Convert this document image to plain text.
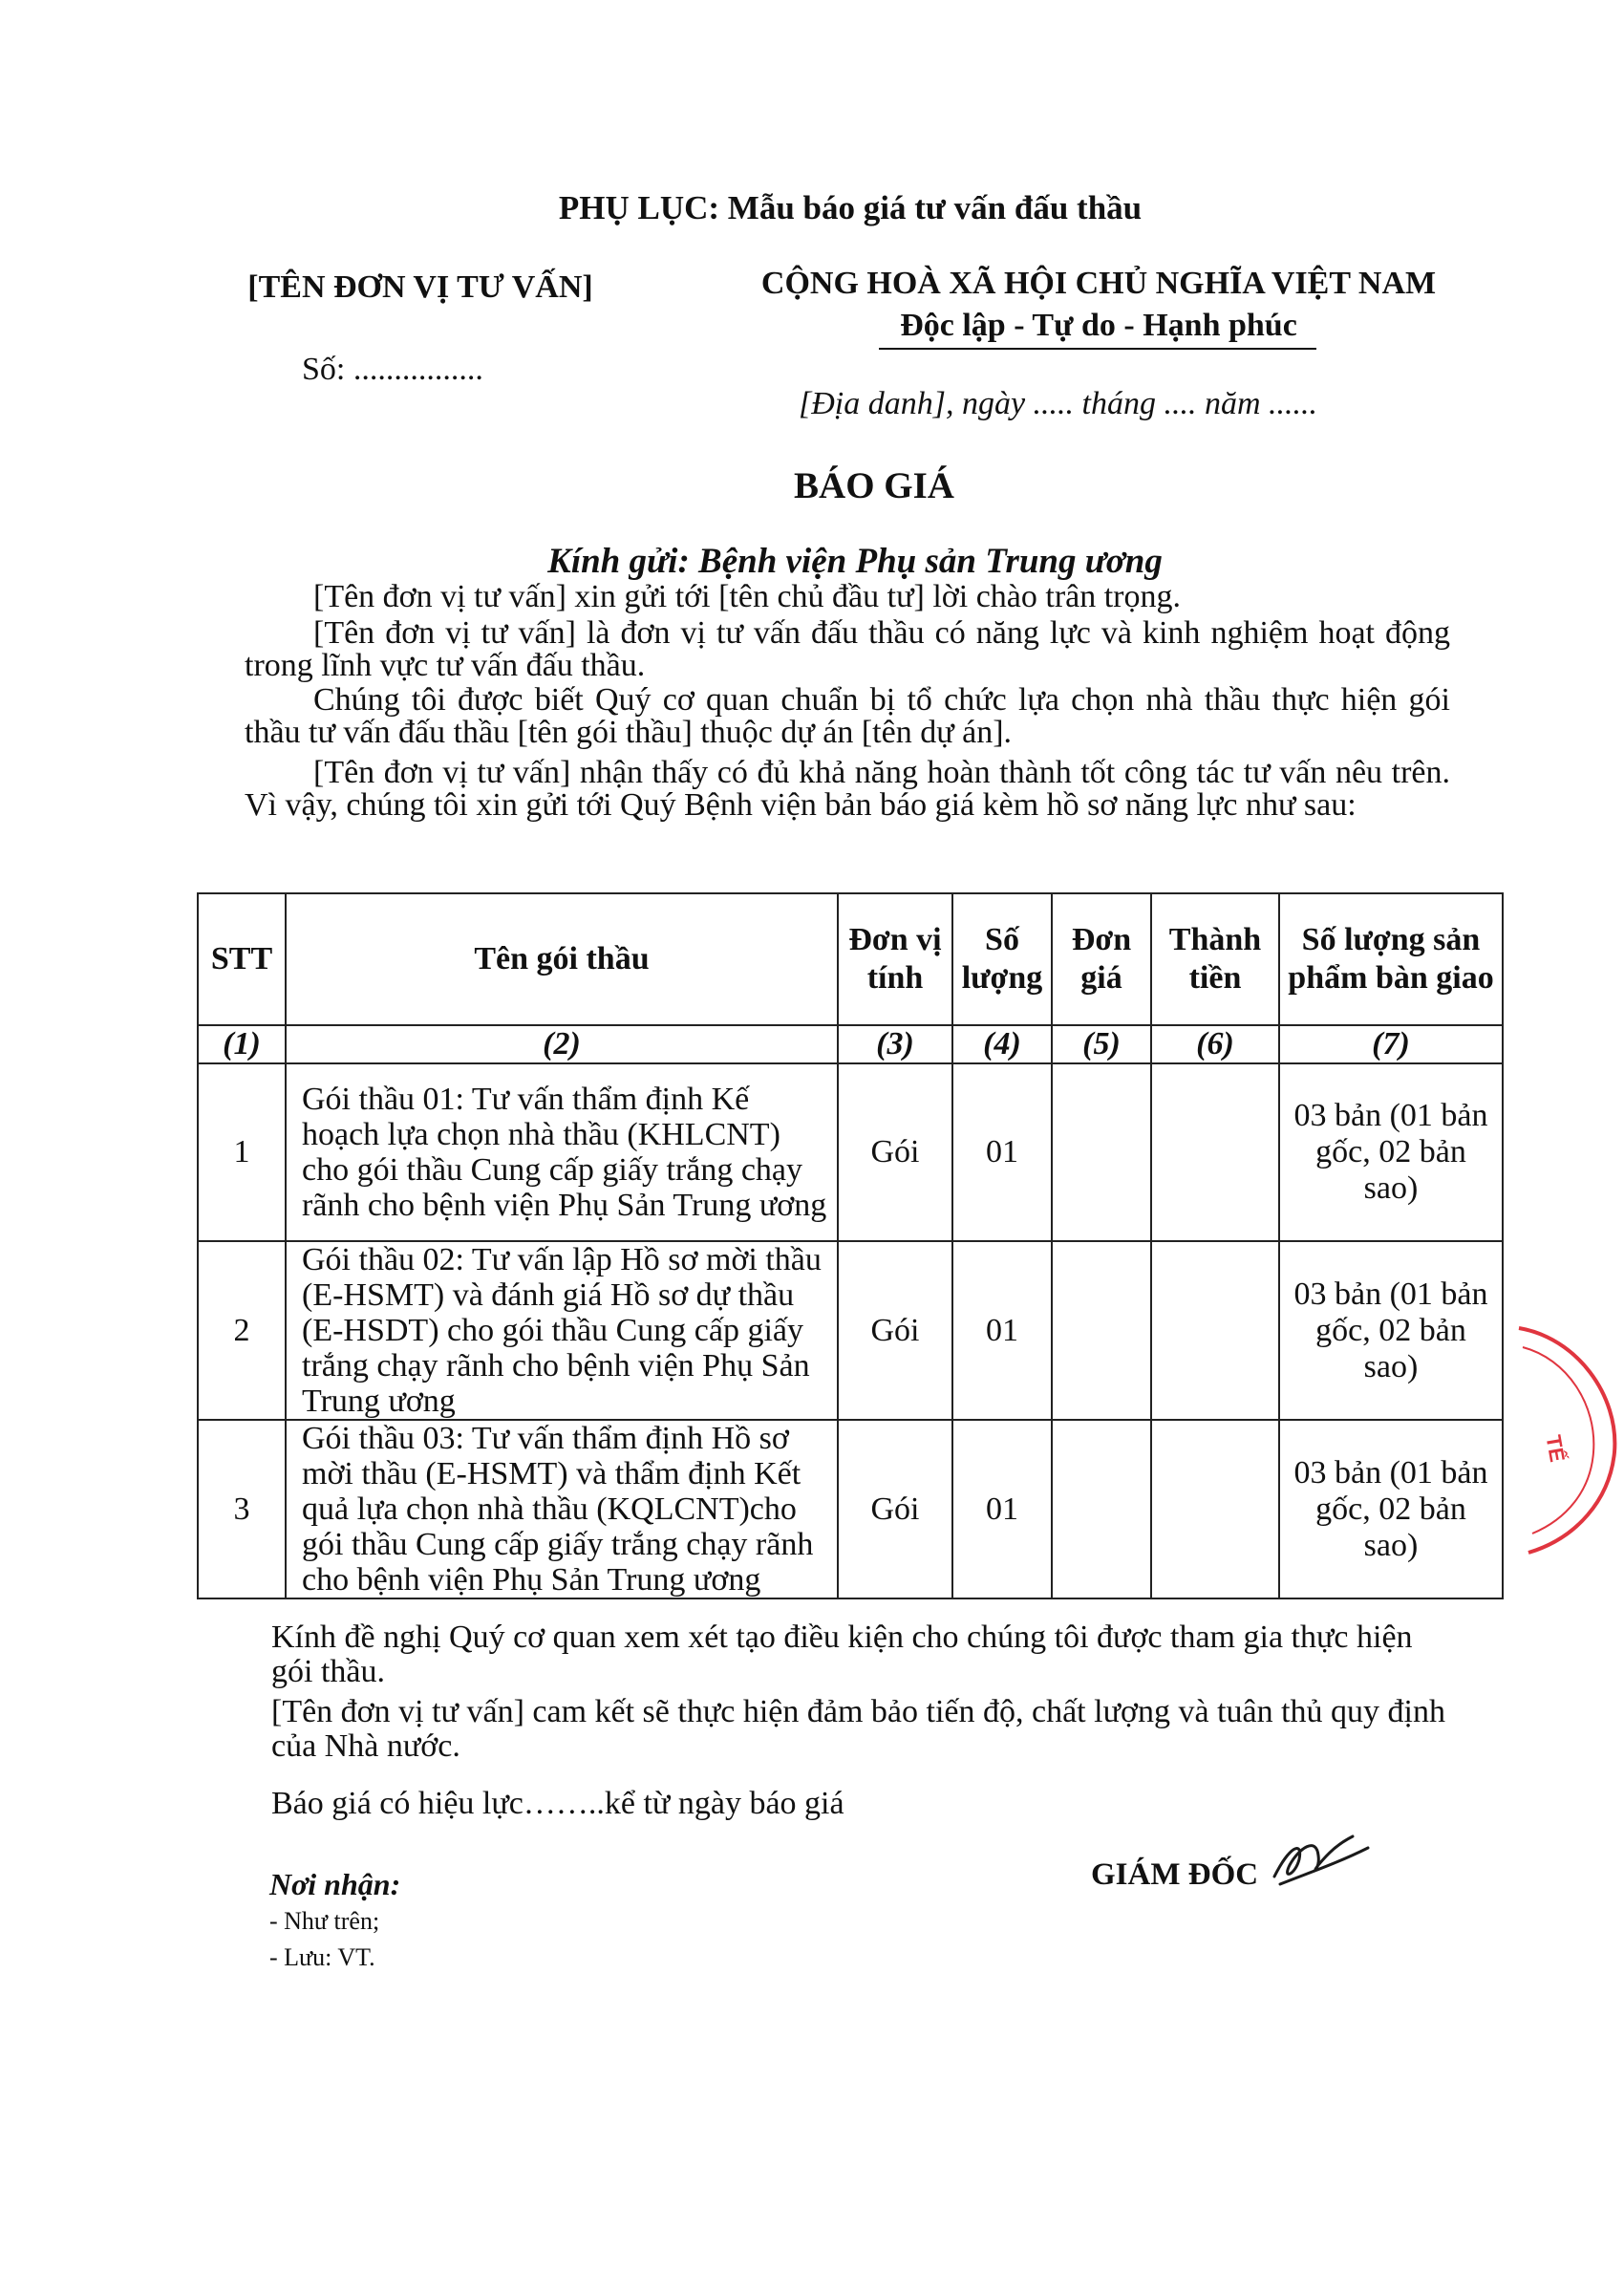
PHỤ LỤC: Mẫu báo giá tư vấn đấu thầu
[TÊN ĐƠN VỊ TƯ VẤN]
Số: ................
CỘNG HOÀ XÃ HỘI CHỦ NGHĨA VIỆT NAM
Độc lập - Tự do - Hạnh phúc
[Địa danh], ngày ..... tháng .... năm ......
BÁO GIÁ
Kính gửi: Bệnh viện Phụ sản Trung ương
[Tên đơn vị tư vấn] xin gửi tới [tên chủ đầu tư] lời chào trân trọng.
[Tên đơn vị tư vấn] là đơn vị tư vấn đấu thầu có năng lực và kinh nghiệm hoạt động trong lĩnh vực tư vấn đấu thầu.
Chúng tôi được biết Quý cơ quan chuẩn bị tổ chức lựa chọn nhà thầu thực hiện gói thầu tư vấn đấu thầu [tên gói thầu] thuộc dự án [tên dự án].
[Tên đơn vị tư vấn] nhận thấy có đủ khả năng hoàn thành tốt công tác tư vấn nêu trên. Vì vậy, chúng tôi xin gửi tới Quý Bệnh viện bản báo giá kèm hồ sơ năng lực như sau:
STT	Tên gói thầu	Đơn vị tính	Số lượng	Đơn giá	Thành tiền	Số lượng sản phẩm bàn giao
(1)	(2)	(3)	(4)	(5)	(6)	(7)
1	Gói thầu 01: Tư vấn thẩm định Kế hoạch lựa chọn nhà thầu (KHLCNT) cho gói thầu Cung cấp giấy trắng chạy rãnh cho bệnh viện Phụ Sản Trung ương	Gói	01			03 bản (01 bản gốc, 02 bản sao)
2	Gói thầu 02: Tư vấn lập Hồ sơ mời thầu (E-HSMT) và đánh giá Hồ sơ dự thầu (E-HSDT) cho gói thầu Cung cấp giấy trắng chạy rãnh cho bệnh viện Phụ Sản Trung ương	Gói	01			03 bản (01 bản gốc, 02 bản sao)
3	Gói thầu 03: Tư vấn thẩm định Hồ sơ mời thầu (E-HSMT) và thẩm định Kết quả lựa chọn nhà thầu (KQLCNT)cho gói thầu Cung cấp giấy trắng chạy rãnh cho bệnh viện Phụ Sản Trung ương	Gói	01			03 bản (01 bản gốc, 02 bản sao)
Kính đề nghị Quý cơ quan xem xét tạo điều kiện cho chúng tôi được tham gia thực hiện gói thầu.
[Tên đơn vị tư vấn] cam kết sẽ thực hiện đảm bảo tiến độ, chất lượng và tuân thủ quy định của Nhà nước.
Báo giá có hiệu lực……..kể từ ngày báo giá
Nơi nhận:
- Như trên;
- Lưu: VT.
GIÁM ĐỐC
TẾ
